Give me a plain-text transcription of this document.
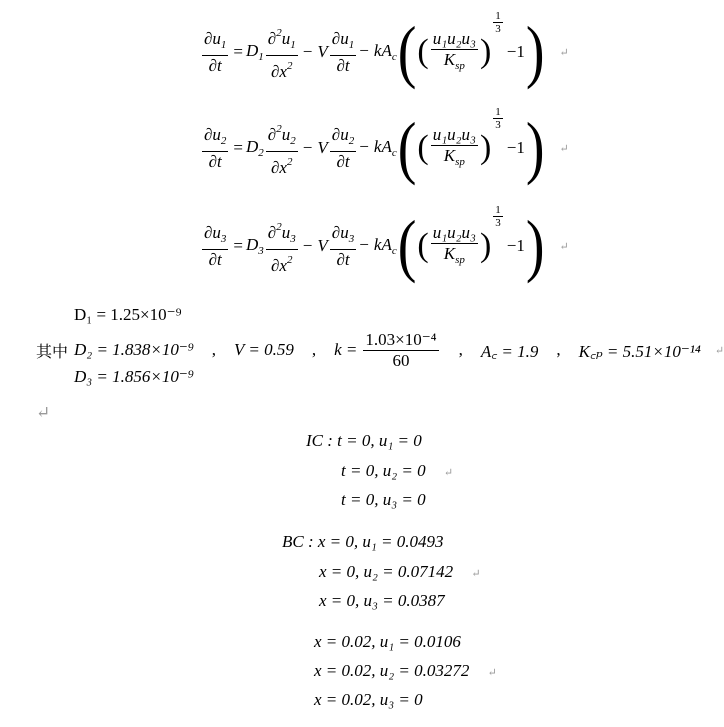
$\frac{\partial u_1}{\partial t} = D_1 \frac{\partial^2u_1}{\partial x^2} - V \frac{\partial u_1}{\partial t} - kA_c$ ( ( $\frac{\text{u₁u₂u₃}}{K_{sp}}$ )
$\frac{1}{3}$
−1 ) ↵
$\frac{\partial u_2}{\partial t} = D_2 \frac{\partial^2u_2}{\partial x^2} - V \frac{\partial u_2}{\partial t} - kA_c$ ( ( $\frac{\text{u₁u₂u₃}}{K_{sp}}$ )
$\frac{1}{3}$
−1 ) ↵
$\frac{\partial u_3}{\partial t} = D_3 \frac{\partial^2u_3}{\partial x^2} - V \frac{\partial u_3}{\partial t} - kA_c$ ( ( $\frac{\text{u₁u₂u₃}}{K_{sp}}$ )
$\frac{1}{3}$
−1 ) ↵
D₁ = 1.25×10⁻⁹
其中 D₂ = 1.838×10⁻⁹ , V = 0.59 , $k = \frac{\text{1.03×10⁻⁴}}{60}$ , A꜀ = 1.9 , K꜀ₚ = 5.51×10⁻¹⁴ ↵
D₃ = 1.856×10⁻⁹
↵
IC : t = 0, u₁ = 0
t = 0, u₂ = 0 ↵
t = 0, u₃ = 0
BC : x = 0, u₁ = 0.0493
x = 0, u₂ = 0.07142 ↵
x = 0, u₃ = 0.0387
x = 0.02, u₁ = 0.0106
x = 0.02, u₂ = 0.03272 ↵
x = 0.02, u₃ = 0
